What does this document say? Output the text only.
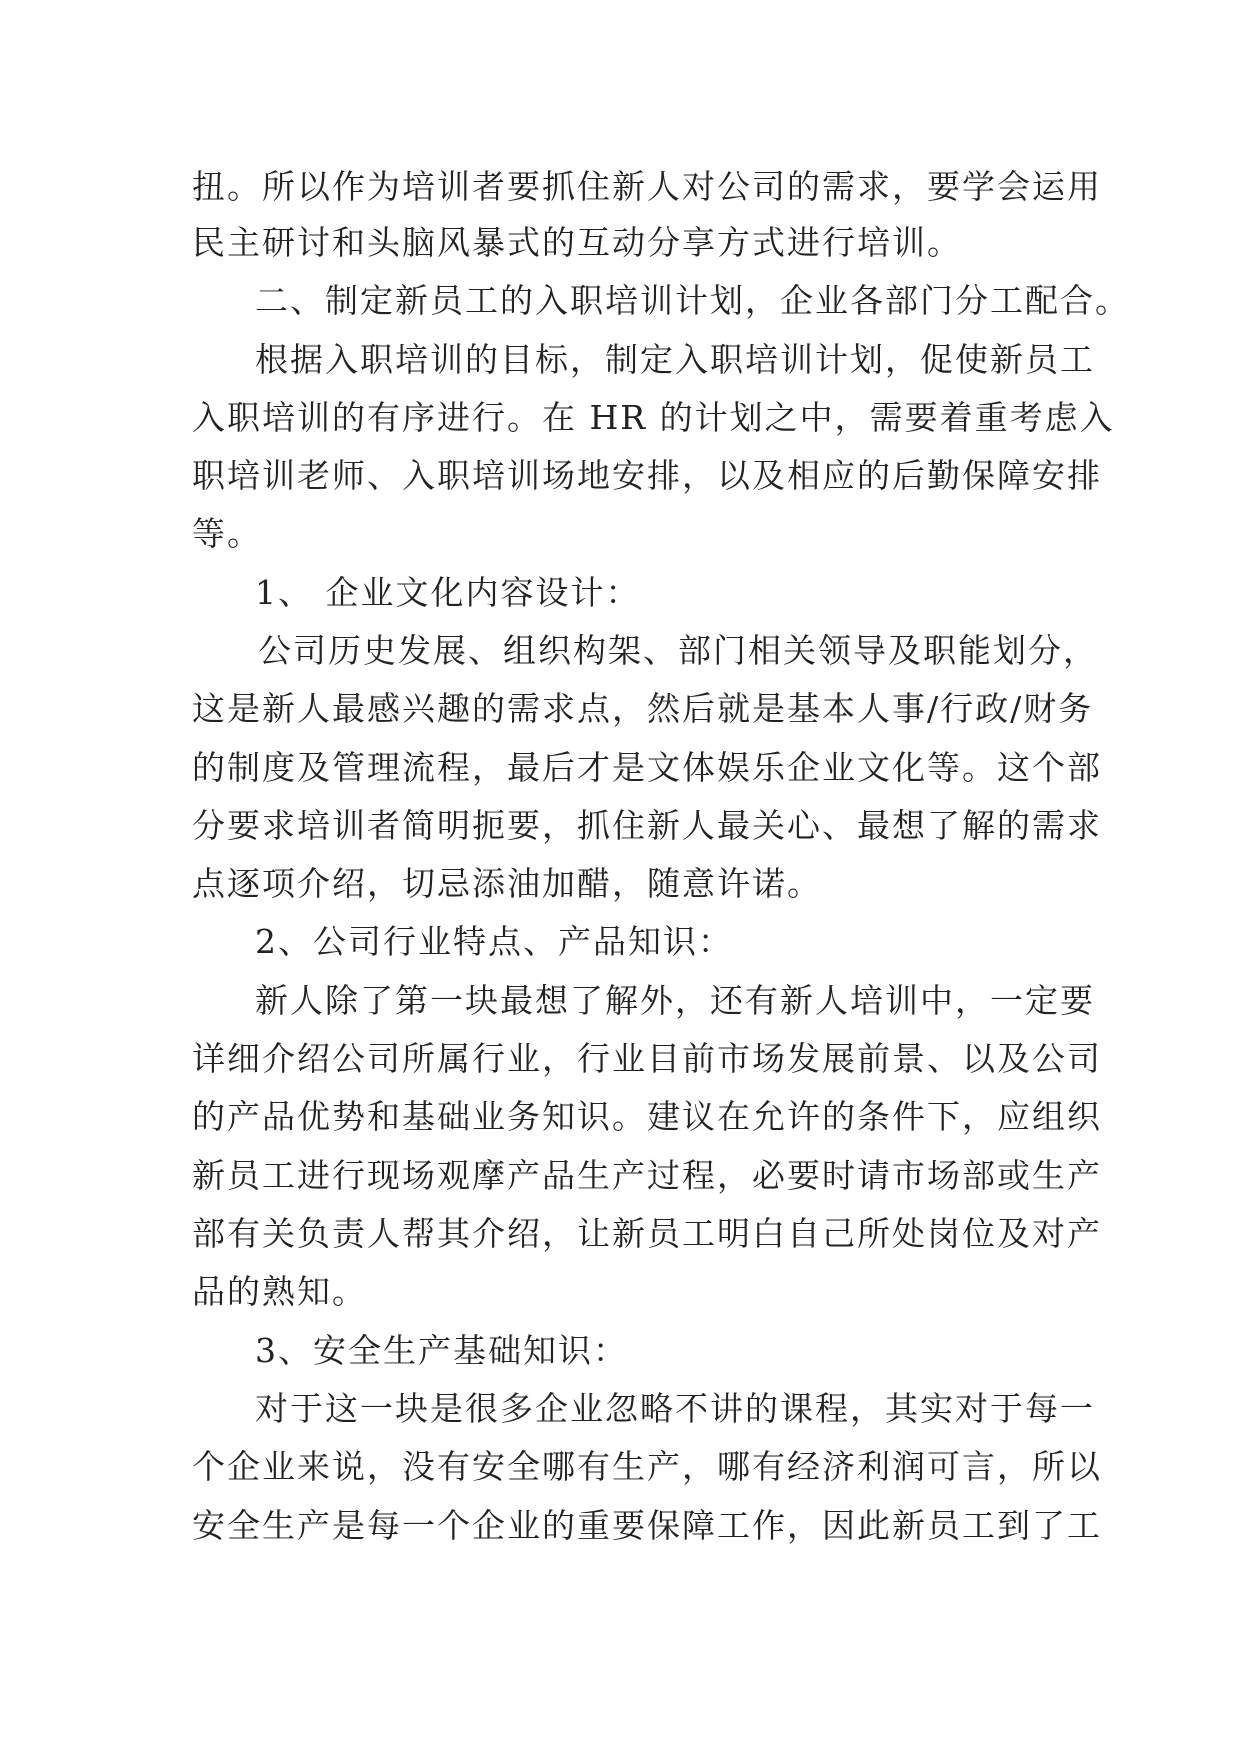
扭。所以作为培训者要抓住新人对公司的需求，要学会运用
民主研讨和头脑风暴式的互动分享方式进行培训。
二、制定新员工的入职培训计划，企业各部门分工配合。
根据入职培训的目标，制定入职培训计划，促使新员工
入职培训的有序进行。在 HR 的计划之中，需要着重考虑入
职培训老师、入职培训场地安排，以及相应的后勤保障安排
等。
1、 企业文化内容设计：
公司历史发展、组织构架、部门相关领导及职能划分，
这是新人最感兴趣的需求点，然后就是基本人事/行政/财务
的制度及管理流程，最后才是文体娱乐企业文化等。这个部
分要求培训者简明扼要，抓住新人最关心、最想了解的需求
点逐项介绍，切忌添油加醋，随意许诺。
2、公司行业特点、产品知识：
新人除了第一块最想了解外，还有新人培训中，一定要
详细介绍公司所属行业，行业目前市场发展前景、以及公司
的产品优势和基础业务知识。建议在允许的条件下，应组织
新员工进行现场观摩产品生产过程，必要时请市场部或生产
部有关负责人帮其介绍，让新员工明白自己所处岗位及对产
品的熟知。
3、安全生产基础知识：
对于这一块是很多企业忽略不讲的课程，其实对于每一
个企业来说，没有安全哪有生产，哪有经济利润可言，所以
安全生产是每一个企业的重要保障工作，因此新员工到了工
